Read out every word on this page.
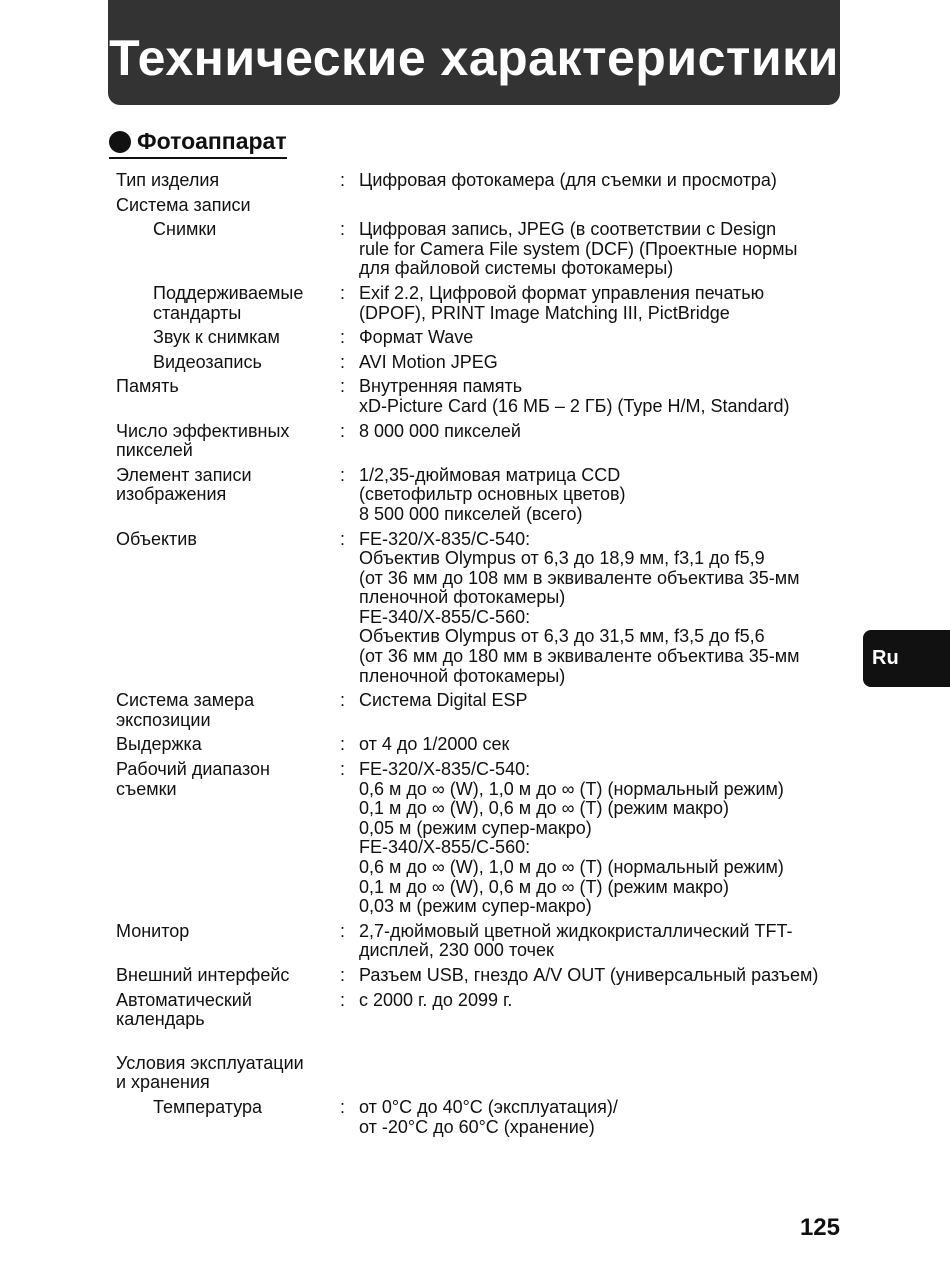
Технические характеристики
Фотоаппарат
Тип изделия	: Цифровая фотокамера (для съемки и просмотра)
Система записи
Снимки	: Цифровая запись, JPEG (в соответствии с Design
rule for Camera File system (DCF) (Проектные нормы
для файловой системы фотокамеры)
Поддерживаемые
стандарты
: Exif 2.2, Цифровой формат управления печатью
(DPOF), PRINT Image Matching III, PictBridge
Звук к снимкам	: Формат Wave
Видеозапись	: AVI Motion JPEG
Память	: Внутренняя память
xD-Picture Card (16 МБ – 2 ГБ) (Type H/M, Standard)
Число эффективных
пикселей
: 8 000 000 пикселей
Элемент записи
изображения
: 1/2,35-дюймовая матрица CCD
(светофильтр основных цветов)
8 500 000 пикселей (всего)
Объектив	: FE-320/X-835/C-540:
Объектив Olympus от 6,3 до 18,9 мм, f3,1 до f5,9
(от 36 мм до 108 мм в эквиваленте объектива 35-мм
пленочной фотокамеры)
FE-340/X-855/C-560:
Объектив Olympus от 6,3 до 31,5 мм, f3,5 до f5,6
(от 36 мм до 180 мм в эквиваленте объектива 35-мм
пленочной фотокамеры)
Система замера
экспозиции
: Система Digital ESP
Выдержка	: от 4 до 1/2000 сек
Рабочий диапазон
съемки
: FE-320/X-835/C-540:
0,6 м до ∞ (W), 1,0 м до ∞ (T) (нормальный режим)
0,1 м до ∞ (W), 0,6 м до ∞ (T) (режим макро)
0,05 м (режим супер-макро)
FE-340/X-855/C-560:
0,6 м до ∞ (W), 1,0 м до ∞ (T) (нормальный режим)
0,1 м до ∞ (W), 0,6 м до ∞ (T) (режим макро)
0,03 м (режим супер-макро)
Монитор	: 2,7-дюймовый цветной жидкокристаллический TFT-
дисплей, 230 000 точек
Внешний интерфейс	: Разъем USB, гнездо A/V OUT (универсальный разъем)
Автоматический
календарь
: с 2000 г. до 2099 г.
Условия эксплуатации
и хранения
Температура	: от 0°C до 40°C (эксплуатация)/
от -20°C до 60°C (хранение)
Ru
125
